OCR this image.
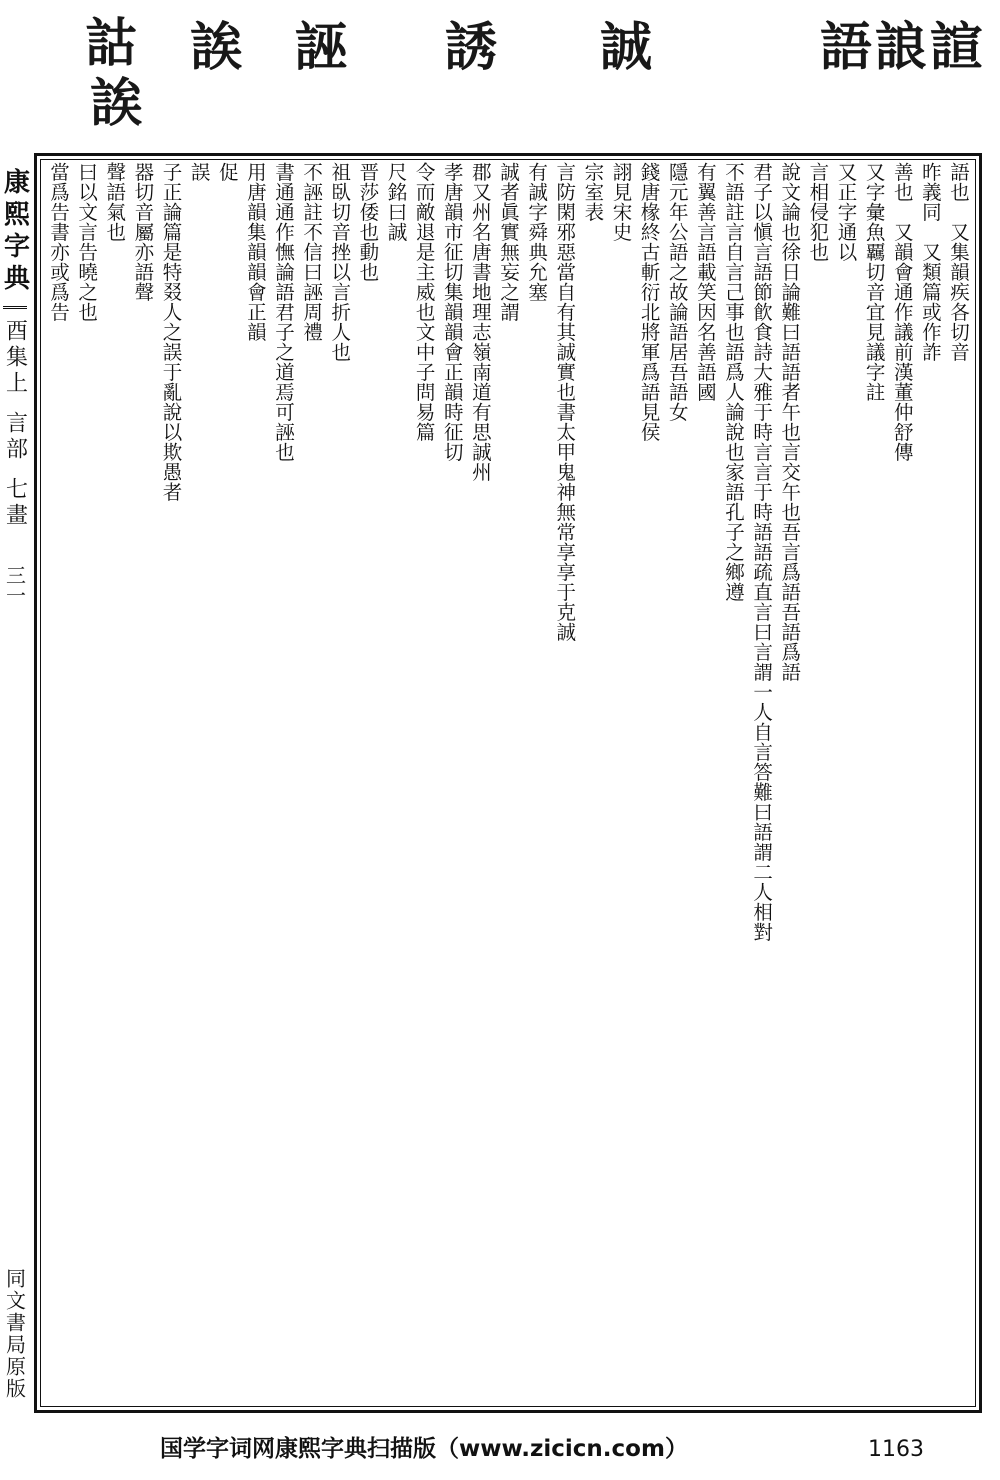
詁
誒
誒 誣 誘 誠	語 誏 諠
康熙字典
酉集上
言部
七畫
三一
同文書局原版
語也　又集韻疾各切音
昨義同　又類篇或作詐
善也　又韻會通作議前漢董仲舒傳
又字彙魚覊切音宜見議字註
又正字通以
言相侵犯也
說文論也徐日論難曰語語者午也言交午也吾言爲語吾語爲語
君子以愼言語節飮食詩大雅于時言言于時語語疏直言曰言謂一人自言答難曰語謂二人相對
不語註言自言己事也語爲人論說也家語孔子之鄉遵
有翼善言語載笑因名善語國
隱元年公語之故論語居吾語女
錢唐椽終古斬衍北將軍爲語見侯
詡見宋史
宗室表
言防閑邪惡當自有其誠實也書太甲鬼神無常享享于克誠
有誠字舜典允塞
誠者眞實無妄之謂
郡又州名唐書地理志嶺南道有思誠州
孝唐韻市征切集韻韻會正韻時征切
令而敵退是主威也文中子問易篇
尺銘曰誠
晋莎倭也動也
祖臥切音挫以言折人也
不誣註不信曰誣周禮
書通通作憮論語君子之道焉可誣也
用唐韻集韻韻會正韻
促
誤
子正論篇是特叕人之誤于亂說以欺愚者
器切音屬亦語聲
聲語氣也
曰以文言告曉之也
當爲告書亦或爲告
国学字词网康熙字典扫描版（www.zicicn.com）	1163
